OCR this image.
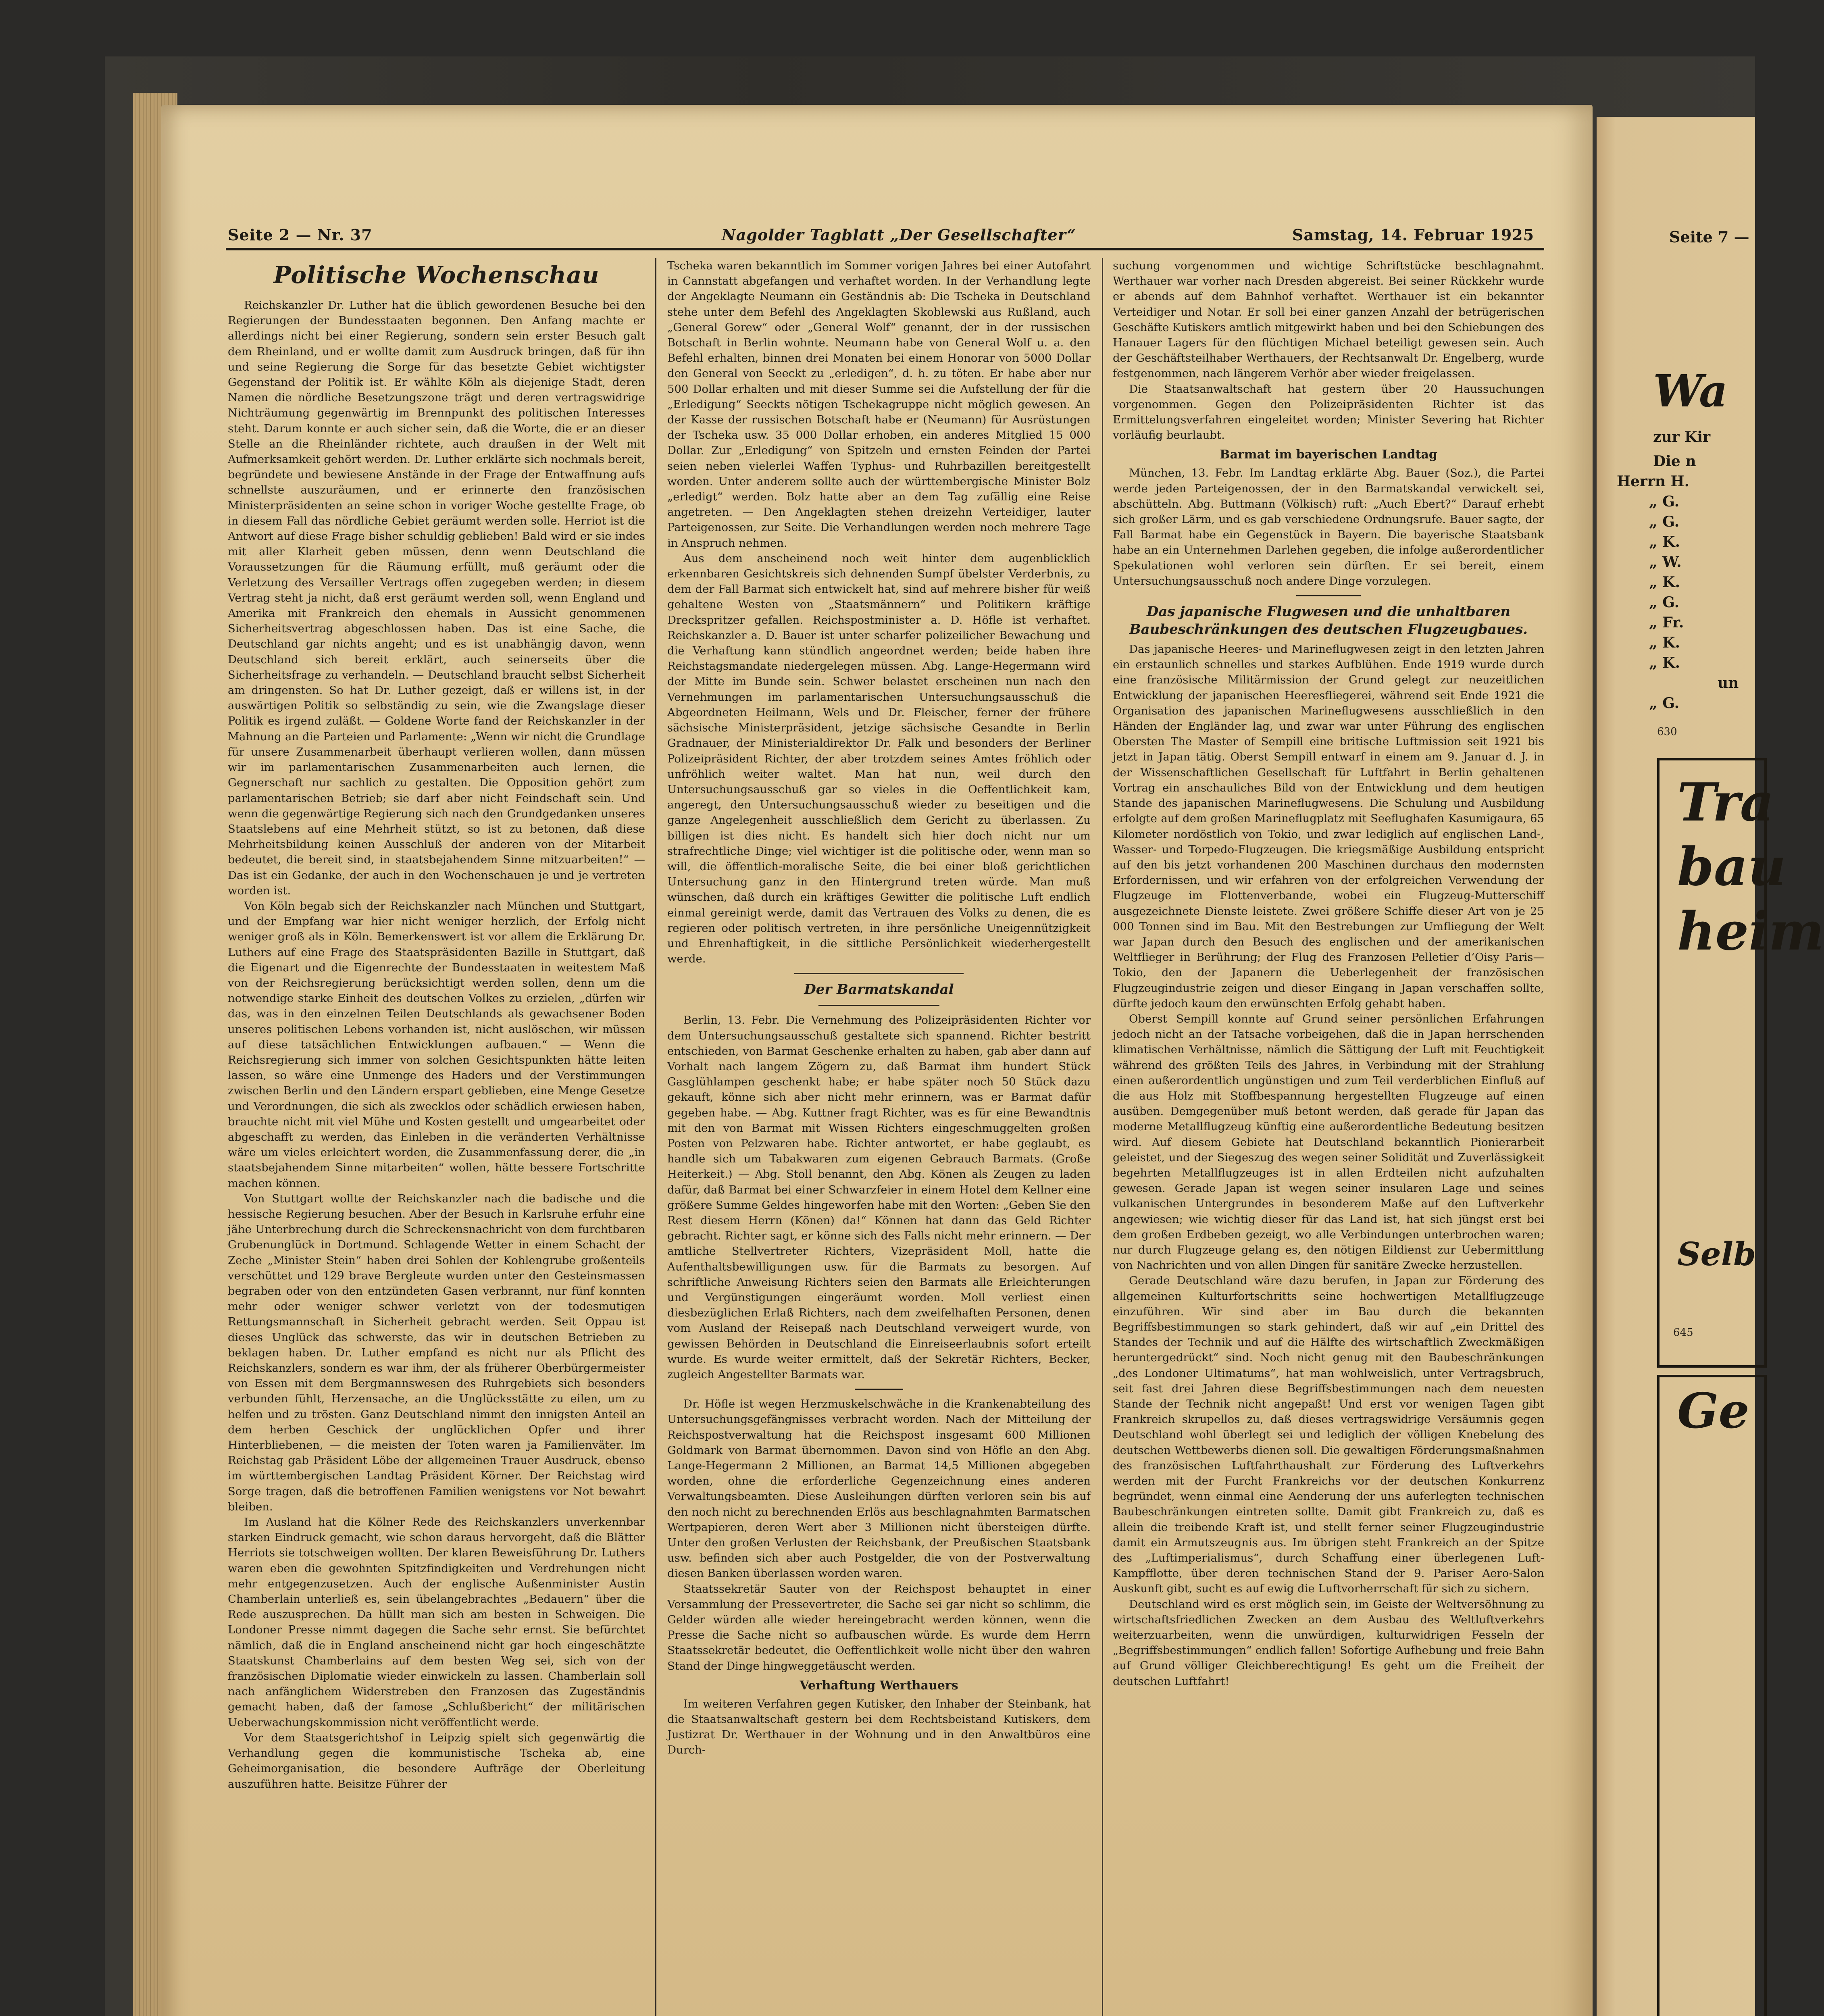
Seite 2 — Nr. 37	Nagolder Tagblatt „Der Gesellschafter“	Samstag, 14. Februar 1925
Politische Wochenschau

Reichskanzler Dr. Luther hat die üblich gewordenen Besuche bei den Regierungen der Bundesstaaten begonnen. Den Anfang machte er allerdings nicht bei einer Regierung, sondern sein erster Besuch galt dem Rheinland, und er wollte damit zum Ausdruck bringen, daß für ihn und seine Regierung die Sorge für das besetzte Gebiet wichtigster Gegenstand der Politik ist. Er wählte Köln als diejenige Stadt, deren Namen die nördliche Besetzungszone trägt und deren vertragswidrige Nichträumung gegenwärtig im Brennpunkt des politischen Interesses steht. Darum konnte er auch sicher sein, daß die Worte, die er an dieser Stelle an die Rheinländer richtete, auch draußen in der Welt mit Aufmerksamkeit gehört werden. Dr. Luther erklärte sich nochmals bereit, begründete und bewiesene Anstände in der Frage der Entwaffnung aufs schnellste auszuräumen, und er erinnerte den französischen Ministerpräsidenten an seine schon in voriger Woche gestellte Frage, ob in diesem Fall das nördliche Gebiet geräumt werden solle. Herriot ist die Antwort auf diese Frage bisher schuldig geblieben! Bald wird er sie indes mit aller Klarheit geben müssen, denn wenn Deutschland die Voraussetzungen für die Räumung erfüllt, muß geräumt oder die Verletzung des Versailler Vertrags offen zugegeben werden; in diesem Vertrag steht ja nicht, daß erst geräumt werden soll, wenn England und Amerika mit Frankreich den ehemals in Aussicht genommenen Sicherheitsvertrag abgeschlossen haben. Das ist eine Sache, die Deutschland gar nichts angeht; und es ist unabhängig davon, wenn Deutschland sich bereit erklärt, auch seinerseits über die Sicherheitsfrage zu verhandeln. — Deutschland braucht selbst Sicherheit am dringensten. So hat Dr. Luther gezeigt, daß er willens ist, in der auswärtigen Politik so selbständig zu sein, wie die Zwangslage dieser Politik es irgend zuläßt. — Goldene Worte fand der Reichskanzler in der Mahnung an die Parteien und Parlamente: „Wenn wir nicht die Grundlage für unsere Zusammenarbeit überhaupt verlieren wollen, dann müssen wir im parlamentarischen Zusammenarbeiten auch lernen, die Gegnerschaft nur sachlich zu gestalten. Die Opposition gehört zum parlamentarischen Betrieb; sie darf aber nicht Feindschaft sein. Und wenn die gegenwärtige Regierung sich nach den Grundgedanken unseres Staatslebens auf eine Mehrheit stützt, so ist zu betonen, daß diese Mehrheitsbildung keinen Ausschluß der anderen von der Mitarbeit bedeutet, die bereit sind, in staatsbejahendem Sinne mitzuarbeiten!“ — Das ist ein Gedanke, der auch in den Wochenschauen je und je vertreten worden ist.

Von Köln begab sich der Reichskanzler nach München und Stuttgart, und der Empfang war hier nicht weniger herzlich, der Erfolg nicht weniger groß als in Köln. Bemerkenswert ist vor allem die Erklärung Dr. Luthers auf eine Frage des Staatspräsidenten Bazille in Stuttgart, daß die Eigenart und die Eigenrechte der Bundesstaaten in weitestem Maß von der Reichsregierung berücksichtigt werden sollen, denn um die notwendige starke Einheit des deutschen Volkes zu erzielen, „dürfen wir das, was in den einzelnen Teilen Deutschlands als gewachsener Boden unseres politischen Lebens vorhanden ist, nicht auslöschen, wir müssen auf diese tatsächlichen Entwicklungen aufbauen.“ — Wenn die Reichsregierung sich immer von solchen Gesichtspunkten hätte leiten lassen, so wäre eine Unmenge des Haders und der Verstimmungen zwischen Berlin und den Ländern erspart geblieben, eine Menge Gesetze und Verordnungen, die sich als zwecklos oder schädlich erwiesen haben, brauchte nicht mit viel Mühe und Kosten gestellt und umgearbeitet oder abgeschafft zu werden, das Einleben in die veränderten Verhältnisse wäre um vieles erleichtert worden, die Zusammenfassung derer, die „in staatsbejahendem Sinne mitarbeiten“ wollen, hätte bessere Fortschritte machen können.

Von Stuttgart wollte der Reichskanzler nach die badische und die hessische Regierung besuchen. Aber der Besuch in Karlsruhe erfuhr eine jähe Unterbrechung durch die Schreckensnachricht von dem furchtbaren Grubenunglück in Dortmund. Schlagende Wetter in einem Schacht der Zeche „Minister Stein“ haben drei Sohlen der Kohlengrube großenteils verschüttet und 129 brave Bergleute wurden unter den Gesteinsmassen begraben oder von den entzündeten Gasen verbrannt, nur fünf konnten mehr oder weniger schwer verletzt von der todesmutigen Rettungsmannschaft in Sicherheit gebracht werden. Seit Oppau ist dieses Unglück das schwerste, das wir in deutschen Betrieben zu beklagen haben. Dr. Luther empfand es nicht nur als Pflicht des Reichskanzlers, sondern es war ihm, der als früherer Oberbürgermeister von Essen mit dem Bergmannswesen des Ruhrgebiets sich besonders verbunden fühlt, Herzensache, an die Unglücksstätte zu eilen, um zu helfen und zu trösten. Ganz Deutschland nimmt den innigsten Anteil an dem herben Geschick der unglücklichen Opfer und ihrer Hinterbliebenen, — die meisten der Toten waren ja Familienväter. Im Reichstag gab Präsident Löbe der allgemeinen Trauer Ausdruck, ebenso im württembergischen Landtag Präsident Körner. Der Reichstag wird Sorge tragen, daß die betroffenen Familien wenigstens vor Not bewahrt bleiben.

Im Ausland hat die Kölner Rede des Reichskanzlers unverkennbar starken Eindruck gemacht, wie schon daraus hervorgeht, daß die Blätter Herriots sie totschweigen wollten. Der klaren Beweisführung Dr. Luthers waren eben die gewohnten Spitzfindigkeiten und Verdrehungen nicht mehr entgegenzusetzen. Auch der englische Außenminister Austin Chamberlain unterließ es, sein übelangebrachtes „Bedauern“ über die Rede auszusprechen. Da hüllt man sich am besten in Schweigen. Die Londoner Presse nimmt dagegen die Sache sehr ernst. Sie befürchtet nämlich, daß die in England anscheinend nicht gar hoch eingeschätzte Staatskunst Chamberlains auf dem besten Weg sei, sich von der französischen Diplomatie wieder einwickeln zu lassen. Chamberlain soll nach anfänglichem Widerstreben den Franzosen das Zugeständnis gemacht haben, daß der famose „Schlußbericht“ der militärischen Ueberwachungskommission nicht veröffentlicht werde.

Vor dem Staatsgerichtshof in Leipzig spielt sich gegenwärtig die Verhandlung gegen die kommunistische Tscheka ab, eine Geheimorganisation, die besondere Aufträge der Oberleitung auszuführen hatte. Beisitze Führer der

Tscheka waren bekanntlich im Sommer vorigen Jahres bei einer Autofahrt in Cannstatt abgefangen und verhaftet worden. In der Verhandlung legte der Angeklagte Neumann ein Geständnis ab: Die Tscheka in Deutschland stehe unter dem Befehl des Angeklagten Skoblewski aus Rußland, auch „General Gorew“ oder „General Wolf“ genannt, der in der russischen Botschaft in Berlin wohnte. Neumann habe von General Wolf u. a. den Befehl erhalten, binnen drei Monaten bei einem Honorar von 5000 Dollar den General von Seeckt zu „erledigen“, d. h. zu töten. Er habe aber nur 500 Dollar erhalten und mit dieser Summe sei die Aufstellung der für die „Erledigung“ Seeckts nötigen Tschekagruppe nicht möglich gewesen. An der Kasse der russischen Botschaft habe er (Neumann) für Ausrüstungen der Tscheka usw. 35 000 Dollar erhoben, ein anderes Mitglied 15 000 Dollar. Zur „Erledigung“ von Spitzeln und ernsten Feinden der Partei seien neben vielerlei Waffen Typhus- und Ruhrbazillen bereitgestellt worden. Unter anderem sollte auch der württembergische Minister Bolz „erledigt“ werden. Bolz hatte aber an dem Tag zufällig eine Reise angetreten. — Den Angeklagten stehen dreizehn Verteidiger, lauter Parteigenossen, zur Seite. Die Verhandlungen werden noch mehrere Tage in Anspruch nehmen.

Aus dem anscheinend noch weit hinter dem augenblicklich erkennbaren Gesichtskreis sich dehnenden Sumpf übelster Verderbnis, zu dem der Fall Barmat sich entwickelt hat, sind auf mehrere bisher für weiß gehaltene Westen von „Staatsmännern“ und Politikern kräftige Dreckspritzer gefallen. Reichspostminister a. D. Höfle ist verhaftet. Reichskanzler a. D. Bauer ist unter scharfer polizeilicher Bewachung und die Verhaftung kann stündlich angeordnet werden; beide haben ihre Reichstagsmandate niedergelegen müssen. Abg. Lange-Hegermann wird der Mitte im Bunde sein. Schwer belastet erscheinen nun nach den Vernehmungen im parlamentarischen Untersuchungsausschuß die Abgeordneten Heilmann, Wels und Dr. Fleischer, ferner der frühere sächsische Ministerpräsident, jetzige sächsische Gesandte in Berlin Gradnauer, der Ministerialdirektor Dr. Falk und besonders der Berliner Polizeipräsident Richter, der aber trotzdem seines Amtes fröhlich oder unfröhlich weiter waltet. Man hat nun, weil durch den Untersuchungsausschuß gar so vieles in die Oeffentlichkeit kam, angeregt, den Untersuchungsausschuß wieder zu beseitigen und die ganze Angelegenheit ausschließlich dem Gericht zu überlassen. Zu billigen ist dies nicht. Es handelt sich hier doch nicht nur um strafrechtliche Dinge; viel wichtiger ist die politische oder, wenn man so will, die öffentlich-moralische Seite, die bei einer bloß gerichtlichen Untersuchung ganz in den Hintergrund treten würde. Man muß wünschen, daß durch ein kräftiges Gewitter die politische Luft endlich einmal gereinigt werde, damit das Vertrauen des Volks zu denen, die es regieren oder politisch vertreten, in ihre persönliche Uneigennützigkeit und Ehrenhaftigkeit, in die sittliche Persönlichkeit wiederhergestellt werde.

Der Barmatskandal

Berlin, 13. Febr. Die Vernehmung des Polizeipräsidenten Richter vor dem Untersuchungsausschuß gestaltete sich spannend. Richter bestritt entschieden, von Barmat Geschenke erhalten zu haben, gab aber dann auf Vorhalt nach langem Zögern zu, daß Barmat ihm hundert Stück Gasglühlampen geschenkt habe; er habe später noch 50 Stück dazu gekauft, könne sich aber nicht mehr erinnern, was er Barmat dafür gegeben habe. — Abg. Kuttner fragt Richter, was es für eine Bewandtnis mit den von Barmat mit Wissen Richters eingeschmuggelten großen Posten von Pelzwaren habe. Richter antwortet, er habe geglaubt, es handle sich um Tabakwaren zum eigenen Gebrauch Barmats. (Große Heiterkeit.) — Abg. Stoll benannt, den Abg. Könen als Zeugen zu laden dafür, daß Barmat bei einer Schwarzfeier in einem Hotel dem Kellner eine größere Summe Geldes hingeworfen habe mit den Worten: „Geben Sie den Rest diesem Herrn (Könen) da!“ Können hat dann das Geld Richter gebracht. Richter sagt, er könne sich des Falls nicht mehr erinnern. — Der amtliche Stellvertreter Richters, Vizepräsident Moll, hatte die Aufenthaltsbewilligungen usw. für die Barmats zu besorgen. Auf schriftliche Anweisung Richters seien den Barmats alle Erleichterungen und Vergünstigungen eingeräumt worden. Moll verliest einen diesbezüglichen Erlaß Richters, nach dem zweifelhaften Personen, denen vom Ausland der Reisepaß nach Deutschland verweigert wurde, von gewissen Behörden in Deutschland die Einreiseerlaubnis sofort erteilt wurde. Es wurde weiter ermittelt, daß der Sekretär Richters, Becker, zugleich Angestellter Barmats war.

Dr. Höfle ist wegen Herzmuskelschwäche in die Krankenabteilung des Untersuchungsgefängnisses verbracht worden. Nach der Mitteilung der Reichspostverwaltung hat die Reichspost insgesamt 600 Millionen Goldmark von Barmat übernommen. Davon sind von Höfle an den Abg. Lange-Hegermann 2 Millionen, an Barmat 14,5 Millionen abgegeben worden, ohne die erforderliche Gegenzeichnung eines anderen Verwaltungsbeamten. Diese Ausleihungen dürften verloren sein bis auf den noch nicht zu berechnenden Erlös aus beschlagnahmten Barmatschen Wertpapieren, deren Wert aber 3 Millionen nicht übersteigen dürfte. Unter den großen Verlusten der Reichsbank, der Preußischen Staatsbank usw. befinden sich aber auch Postgelder, die von der Postverwaltung diesen Banken überlassen worden waren.

Staatssekretär Sauter von der Reichspost behauptet in einer Versammlung der Pressevertreter, die Sache sei gar nicht so schlimm, die Gelder würden alle wieder hereingebracht werden können, wenn die Presse die Sache nicht so aufbauschen würde. Es wurde dem Herrn Staatssekretär bedeutet, die Oeffentlichkeit wolle nicht über den wahren Stand der Dinge hingweggetäuscht werden.

Verhaftung Werthauers

Im weiteren Verfahren gegen Kutisker, den Inhaber der Steinbank, hat die Staatsanwaltschaft gestern bei dem Rechtsbeistand Kutiskers, dem Justizrat Dr. Werthauer in der Wohnung und in den Anwaltbüros eine Durch-

suchung vorgenommen und wichtige Schriftstücke beschlagnahmt. Werthauer war vorher nach Dresden abgereist. Bei seiner Rückkehr wurde er abends auf dem Bahnhof verhaftet. Werthauer ist ein bekannter Verteidiger und Notar. Er soll bei einer ganzen Anzahl der betrügerischen Geschäfte Kutiskers amtlich mitgewirkt haben und bei den Schiebungen des Hanauer Lagers für den flüchtigen Michael beteiligt gewesen sein. Auch der Geschäftsteilhaber Werthauers, der Rechtsanwalt Dr. Engelberg, wurde festgenommen, nach längerem Verhör aber wieder freigelassen.

Die Staatsanwaltschaft hat gestern über 20 Haussuchungen vorgenommen. Gegen den Polizeipräsidenten Richter ist das Ermittelungsverfahren eingeleitet worden; Minister Severing hat Richter vorläufig beurlaubt.

Barmat im bayerischen Landtag

München, 13. Febr. Im Landtag erklärte Abg. Bauer (Soz.), die Partei werde jeden Parteigenossen, der in den Barmatskandal verwickelt sei, abschütteln. Abg. Buttmann (Völkisch) ruft: „Auch Ebert?“ Darauf erhebt sich großer Lärm, und es gab verschiedene Ordnungsrufe. Bauer sagte, der Fall Barmat habe ein Gegenstück in Bayern. Die bayerische Staatsbank habe an ein Unternehmen Darlehen gegeben, die infolge außerordentlicher Spekulationen wohl verloren sein dürften. Er sei bereit, einem Untersuchungsausschuß noch andere Dinge vorzulegen.

Das japanische Flugwesen und die unhaltbaren Baubeschränkungen des deutschen Flugzeugbaues.

Das japanische Heeres- und Marineflugwesen zeigt in den letzten Jahren ein erstaunlich schnelles und starkes Aufblühen. Ende 1919 wurde durch eine französische Militärmission der Grund gelegt zur neuzeitlichen Entwicklung der japanischen Heeresfliegerei, während seit Ende 1921 die Organisation des japanischen Marineflugwesens ausschließlich in den Händen der Engländer lag, und zwar war unter Führung des englischen Obersten The Master of Sempill eine britische Luftmission seit 1921 bis jetzt in Japan tätig. Oberst Sempill entwarf in einem am 9. Januar d. J. in der Wissenschaftlichen Gesellschaft für Luftfahrt in Berlin gehaltenen Vortrag ein anschauliches Bild von der Entwicklung und dem heutigen Stande des japanischen Marineflugwesens. Die Schulung und Ausbildung erfolgte auf dem großen Marineflugplatz mit Seeflughafen Kasumigaura, 65 Kilometer nordöstlich von Tokio, und zwar lediglich auf englischen Land-, Wasser- und Torpedo-Flugzeugen. Die kriegsmäßige Ausbildung entspricht auf den bis jetzt vorhandenen 200 Maschinen durchaus den modernsten Erfordernissen, und wir erfahren von der erfolgreichen Verwendung der Flugzeuge im Flottenverbande, wobei ein Flugzeug-Mutterschiff ausgezeichnete Dienste leistete. Zwei größere Schiffe dieser Art von je 25 000 Tonnen sind im Bau. Mit den Bestrebungen zur Umfliegung der Welt war Japan durch den Besuch des englischen und der amerikanischen Weltflieger in Berührung; der Flug des Franzosen Pelletier d’Oisy Paris—Tokio, den der Japanern die Ueberlegenheit der französischen Flugzeugindustrie zeigen und dieser Eingang in Japan verschaffen sollte, dürfte jedoch kaum den erwünschten Erfolg gehabt haben.

Oberst Sempill konnte auf Grund seiner persönlichen Erfahrungen jedoch nicht an der Tatsache vorbeigehen, daß die in Japan herrschenden klimatischen Verhältnisse, nämlich die Sättigung der Luft mit Feuchtigkeit während des größten Teils des Jahres, in Verbindung mit der Strahlung einen außerordentlich ungünstigen und zum Teil verderblichen Einfluß auf die aus Holz mit Stoffbespannung hergestellten Flugzeuge auf einen ausüben. Demgegenüber muß betont werden, daß gerade für Japan das moderne Metallflugzeug künftig eine außerordentliche Bedeutung besitzen wird. Auf diesem Gebiete hat Deutschland bekanntlich Pionierarbeit geleistet, und der Siegeszug des wegen seiner Solidität und Zuverlässigkeit begehrten Metallflugzeuges ist in allen Erdteilen nicht aufzuhalten gewesen. Gerade Japan ist wegen seiner insularen Lage und seines vulkanischen Untergrundes in besonderem Maße auf den Luftverkehr angewiesen; wie wichtig dieser für das Land ist, hat sich jüngst erst bei dem großen Erdbeben gezeigt, wo alle Verbindungen unterbrochen waren; nur durch Flugzeuge gelang es, den nötigen Eildienst zur Uebermittlung von Nachrichten und von allen Dingen für sanitäre Zwecke herzustellen.

Gerade Deutschland wäre dazu berufen, in Japan zur Förderung des allgemeinen Kulturfortschritts seine hochwertigen Metallflugzeuge einzuführen. Wir sind aber im Bau durch die bekannten Begriffsbestimmungen so stark gehindert, daß wir auf „ein Drittel des Standes der Technik und auf die Hälfte des wirtschaftlich Zweckmäßigen heruntergedrückt“ sind. Noch nicht genug mit den Baubeschränkungen „des Londoner Ultimatums“, hat man wohlweislich, unter Vertragsbruch, seit fast drei Jahren diese Begriffsbestimmungen nach dem neuesten Stande der Technik nicht angepaßt! Und erst vor wenigen Tagen gibt Frankreich skrupellos zu, daß dieses vertragswidrige Versäumnis gegen Deutschland wohl überlegt sei und lediglich der völligen Knebelung des deutschen Wettbewerbs dienen soll. Die gewaltigen Förderungsmaßnahmen des französischen Luftfahrthaushalt zur Förderung des Luftverkehrs werden mit der Furcht Frankreichs vor der deutschen Konkurrenz begründet, wenn einmal eine Aenderung der uns auferlegten technischen Baubeschränkungen eintreten sollte. Damit gibt Frankreich zu, daß es allein die treibende Kraft ist, und stellt ferner seiner Flugzeugindustrie damit ein Armutszeugnis aus. Im übrigen steht Frankreich an der Spitze des „Luftimperialismus“, durch Schaffung einer überlegenen Luft-Kampfflotte, über deren technischen Stand der 9. Pariser Aero-Salon Auskunft gibt, sucht es auf ewig die Luftvorherrschaft für sich zu sichern.

Deutschland wird es erst möglich sein, im Geiste der Weltversöhnung zu wirtschaftsfriedlichen Zwecken an dem Ausbau des Weltluftverkehrs weiterzuarbeiten, wenn die unwürdigen, kulturwidrigen Fesseln der „Begriffsbestimmungen“ endlich fallen! Sofortige Aufhebung und freie Bahn auf Grund völliger Gleichberechtigung! Es geht um die Freiheit der deutschen Luftfahrt!

Seite 7 —
Wa
zur Kir
Die n
Herrn H.
„ G.
„ G.
„ K.
„ W.
„ K.
„ G.
„ Fr.
„ K.
„ K.
un
„ G.
630
Tra
bau
heim
Selb
645
Ge
